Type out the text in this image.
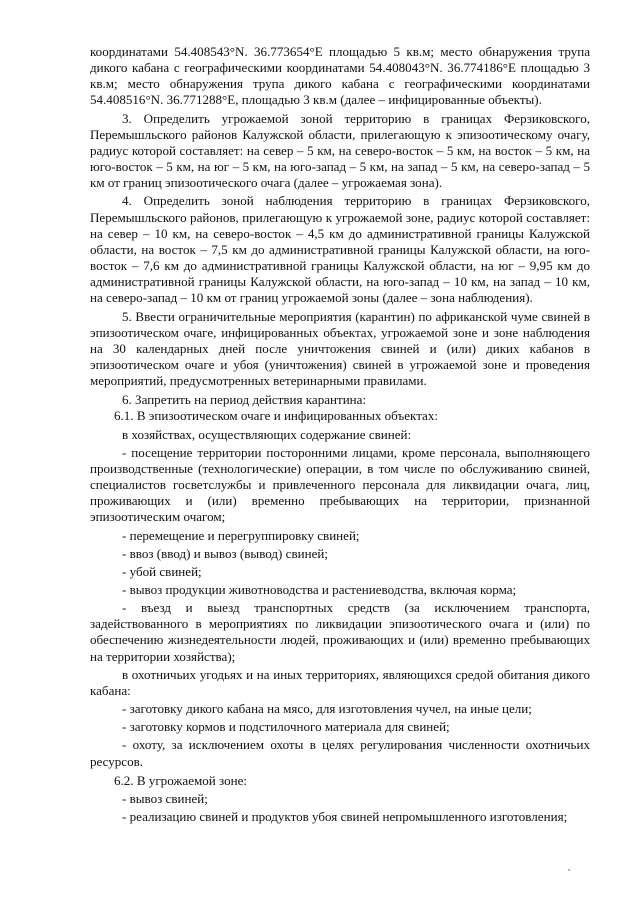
координатами 54.408543°N. 36.773654°E площадью 5 кв.м; место обнаружения трупа дикого кабана с географическими координатами 54.408043°N. 36.774186°E площадью 3 кв.м; место обнаружения трупа дикого кабана с географическими координатами 54.408516°N. 36.771288°E, площадью 3 кв.м (далее – инфицированные объекты).

3. Определить угрожаемой зоной территорию в границах Ферзиковского, Перемышльского районов Калужской области, прилегающую к эпизоотическому очагу, радиус которой составляет: на север – 5 км, на северо-восток – 5 км, на восток – 5 км, на юго-восток – 5 км, на юг – 5 км, на юго-запад – 5 км, на запад – 5 км, на северо-запад – 5 км от границ эпизоотического очага (далее – угрожаемая зона).

4. Определить зоной наблюдения территорию в границах Ферзиковского, Перемышльского районов, прилегающую к угрожаемой зоне, радиус которой составляет: на север – 10 км, на северо-восток – 4,5 км до административной границы Калужской области, на восток – 7,5 км до административной границы Калужской области, на юго-восток – 7,6 км до административной границы Калужской области, на юг – 9,95 км до административной границы Калужской области, на юго-запад – 10 км, на запад – 10 км, на северо-запад – 10 км от границ угрожаемой зоны (далее – зона наблюдения).

5. Ввести ограничительные мероприятия (карантин) по африканской чуме свиней в эпизоотическом очаге, инфицированных объектах, угрожаемой зоне и зоне наблюдения на 30 календарных дней после уничтожения свиней и (или) диких кабанов в эпизоотическом очаге и убоя (уничтожения) свиней в угрожаемой зоне и проведения мероприятий, предусмотренных ветеринарными правилами.

6. Запретить на период действия карантина:

6.1. В эпизоотическом очаге и инфицированных объектах:

в хозяйствах, осуществляющих содержание свиней:

- посещение территории посторонними лицами, кроме персонала, выполняющего производственные (технологические) операции, в том числе по обслуживанию свиней, специалистов госветслужбы и привлеченного персонала для ликвидации очага, лиц, проживающих и (или) временно пребывающих на территории, признанной эпизоотическим очагом;

- перемещение и перегруппировку свиней;

- ввоз (ввод) и вывоз (вывод) свиней;

- убой свиней;

- вывоз продукции животноводства и растениеводства, включая корма;

- въезд и выезд транспортных средств (за исключением транспорта, задействованного в мероприятиях по ликвидации эпизоотического очага и (или) по обеспечению жизнедеятельности людей, проживающих и (или) временно пребывающих на территории хозяйства);

в охотничьих угодьях и на иных территориях, являющихся средой обитания дикого кабана:

- заготовку дикого кабана на мясо, для изготовления чучел, на иные цели;

- заготовку кормов и подстилочного материала для свиней;

- охоту, за исключением охоты в целях регулирования численности охотничьих ресурсов.

6.2. В угрожаемой зоне:

- вывоз свиней;

- реализацию свиней и продуктов убоя свиней непромышленного изготовления;
